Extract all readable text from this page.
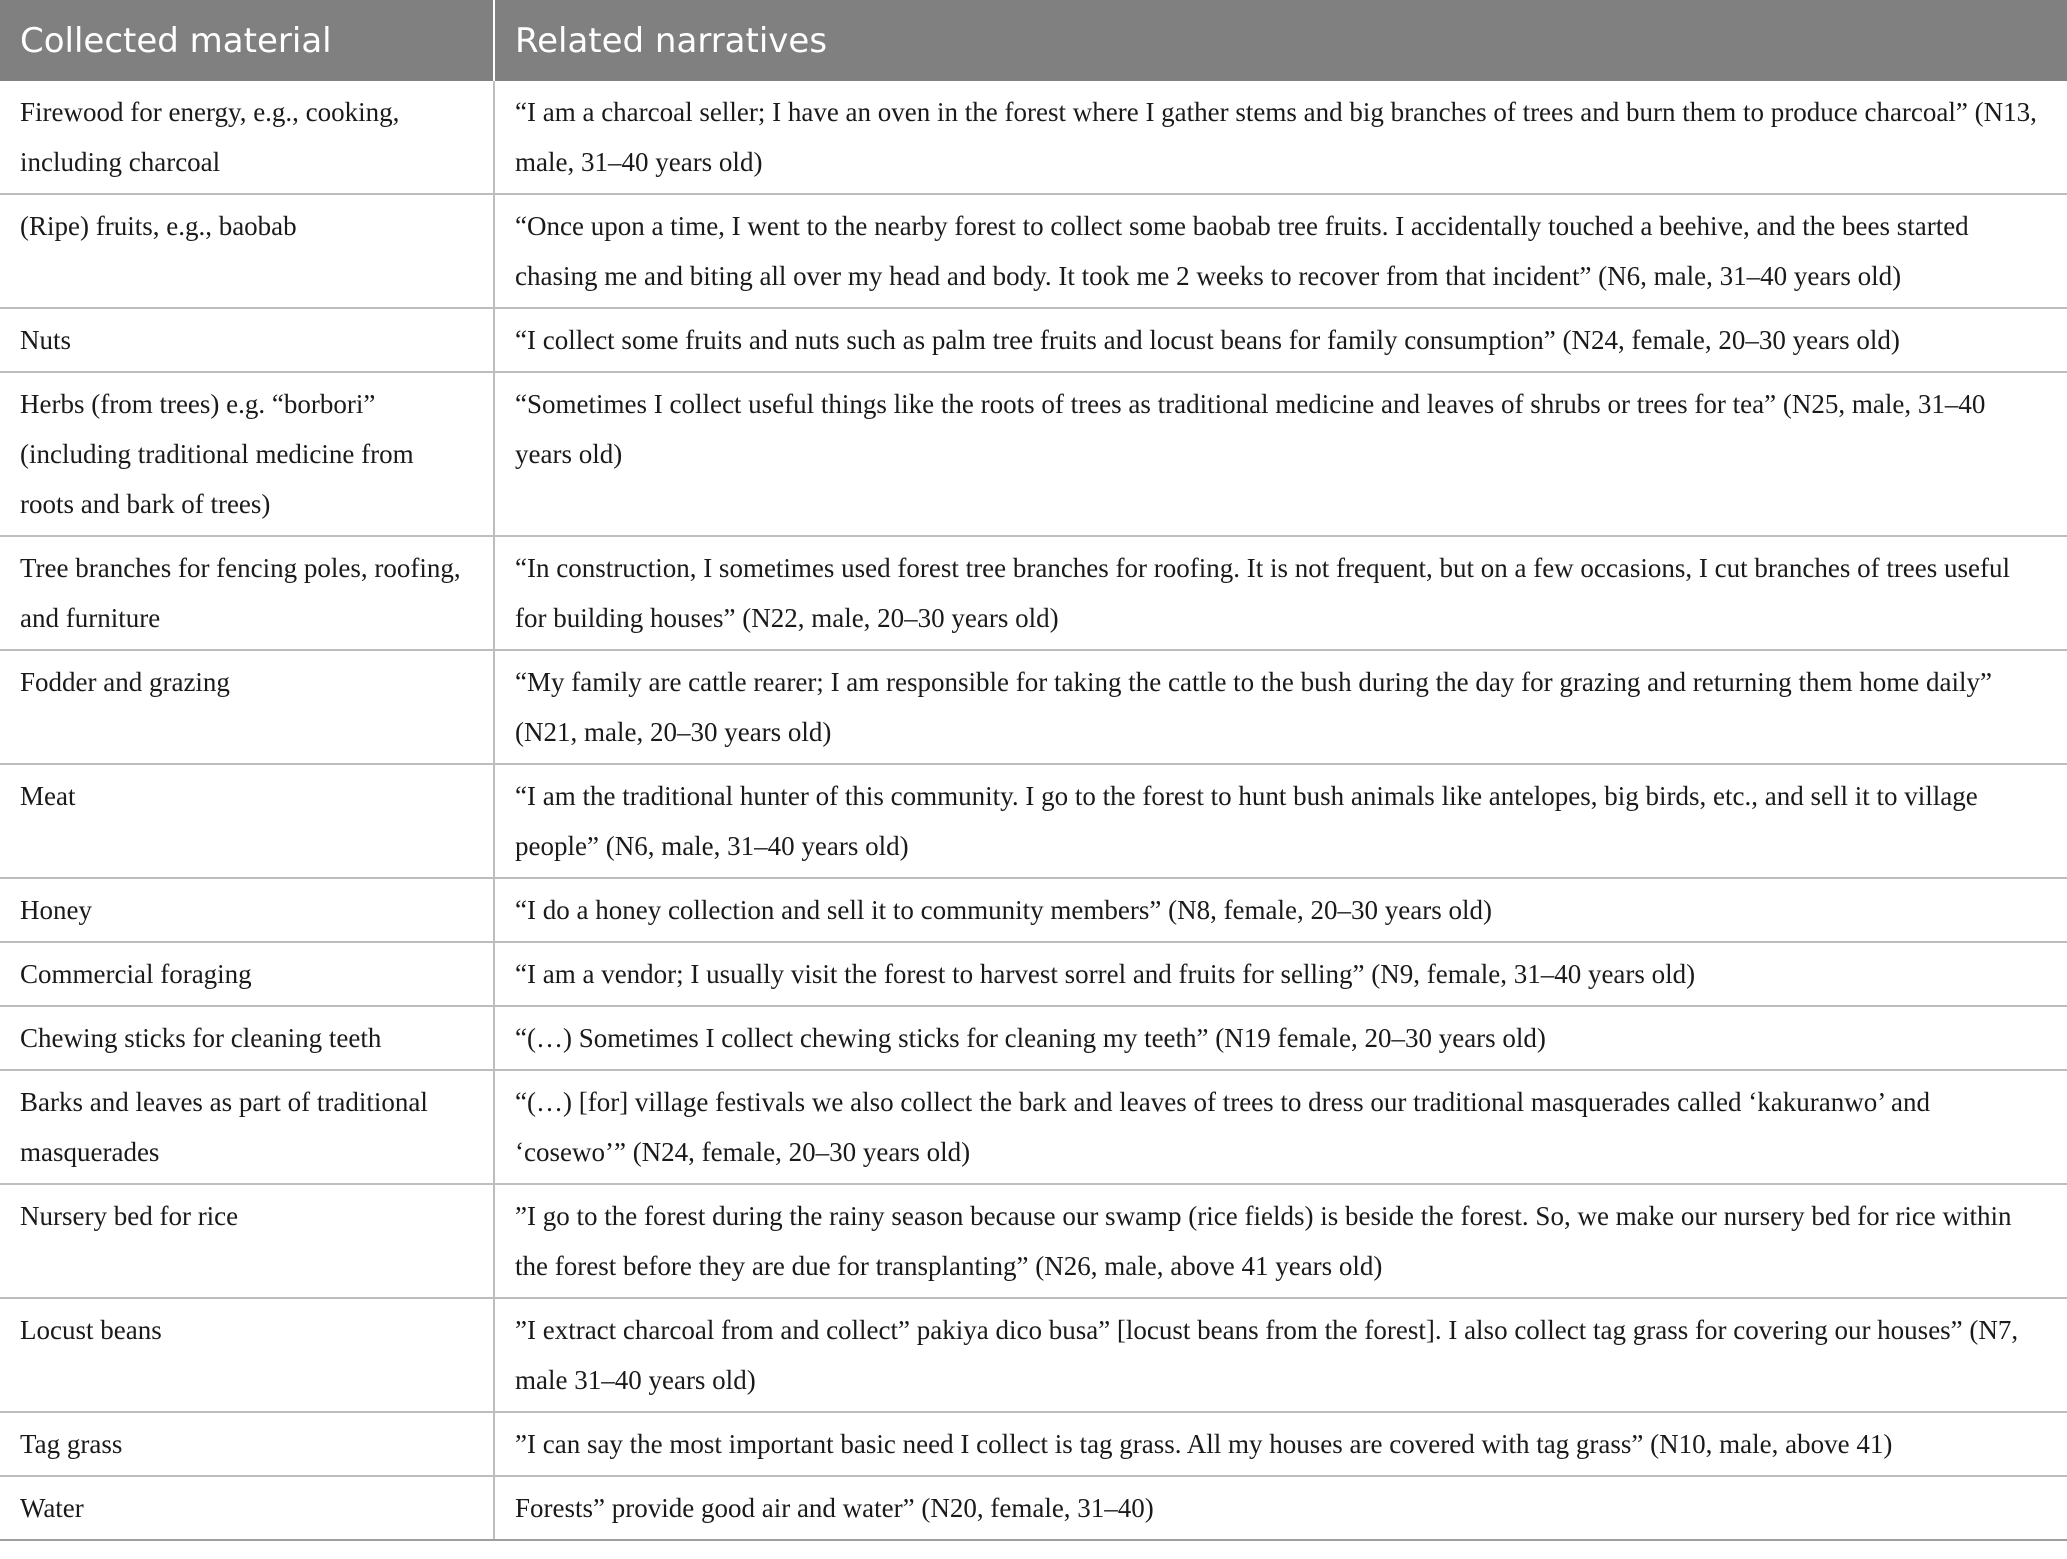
Collected material	Related narratives
Firewood for energy, e.g., cooking, including charcoal	“I am a charcoal seller; I have an oven in the forest where I gather stems and big branches of trees and burn them to produce charcoal” (N13, male, 31–40 years old)
(Ripe) fruits, e.g., baobab	“Once upon a time, I went to the nearby forest to collect some baobab tree fruits. I accidentally touched a beehive, and the bees started chasing me and biting all over my head and body. It took me 2 weeks to recover from that incident” (N6, male, 31–40 years old)
Nuts	“I collect some fruits and nuts such as palm tree fruits and locust beans for family consumption” (N24, female, 20–30 years old)
Herbs (from trees) e.g. “borbori” (including traditional medicine from roots and bark of trees)	“Sometimes I collect useful things like the roots of trees as traditional medicine and leaves of shrubs or trees for tea” (N25, male, 31–40 years old)
Tree branches for fencing poles, roofing, and furniture	“In construction, I sometimes used forest tree branches for roofing. It is not frequent, but on a few occasions, I cut branches of trees useful for building houses” (N22, male, 20–30 years old)
Fodder and grazing	“My family are cattle rearer; I am responsible for taking the cattle to the bush during the day for grazing and returning them home daily” (N21, male, 20–30 years old)
Meat	“I am the traditional hunter of this community. I go to the forest to hunt bush animals like antelopes, big birds, etc., and sell it to village people” (N6, male, 31–40 years old)
Honey	“I do a honey collection and sell it to community members” (N8, female, 20–30 years old)
Commercial foraging	“I am a vendor; I usually visit the forest to harvest sorrel and fruits for selling” (N9, female, 31–40 years old)
Chewing sticks for cleaning teeth	“(…) Sometimes I collect chewing sticks for cleaning my teeth” (N19 female, 20–30 years old)
Barks and leaves as part of traditional masquerades	“(…) [for] village festivals we also collect the bark and leaves of trees to dress our traditional masquerades called ‘kakuranwo’ and ‘cosewo’” (N24, female, 20–30 years old)
Nursery bed for rice	”I go to the forest during the rainy season because our swamp (rice fields) is beside the forest. So, we make our nursery bed for rice within the forest before they are due for transplanting” (N26, male, above 41 years old)
Locust beans	”I extract charcoal from and collect” pakiya dico busa” [locust beans from the forest]. I also collect tag grass for covering our houses” (N7, male 31–40 years old)
Tag grass	”I can say the most important basic need I collect is tag grass. All my houses are covered with tag grass” (N10, male, above 41)
Water	Forests” provide good air and water” (N20, female, 31–40)
